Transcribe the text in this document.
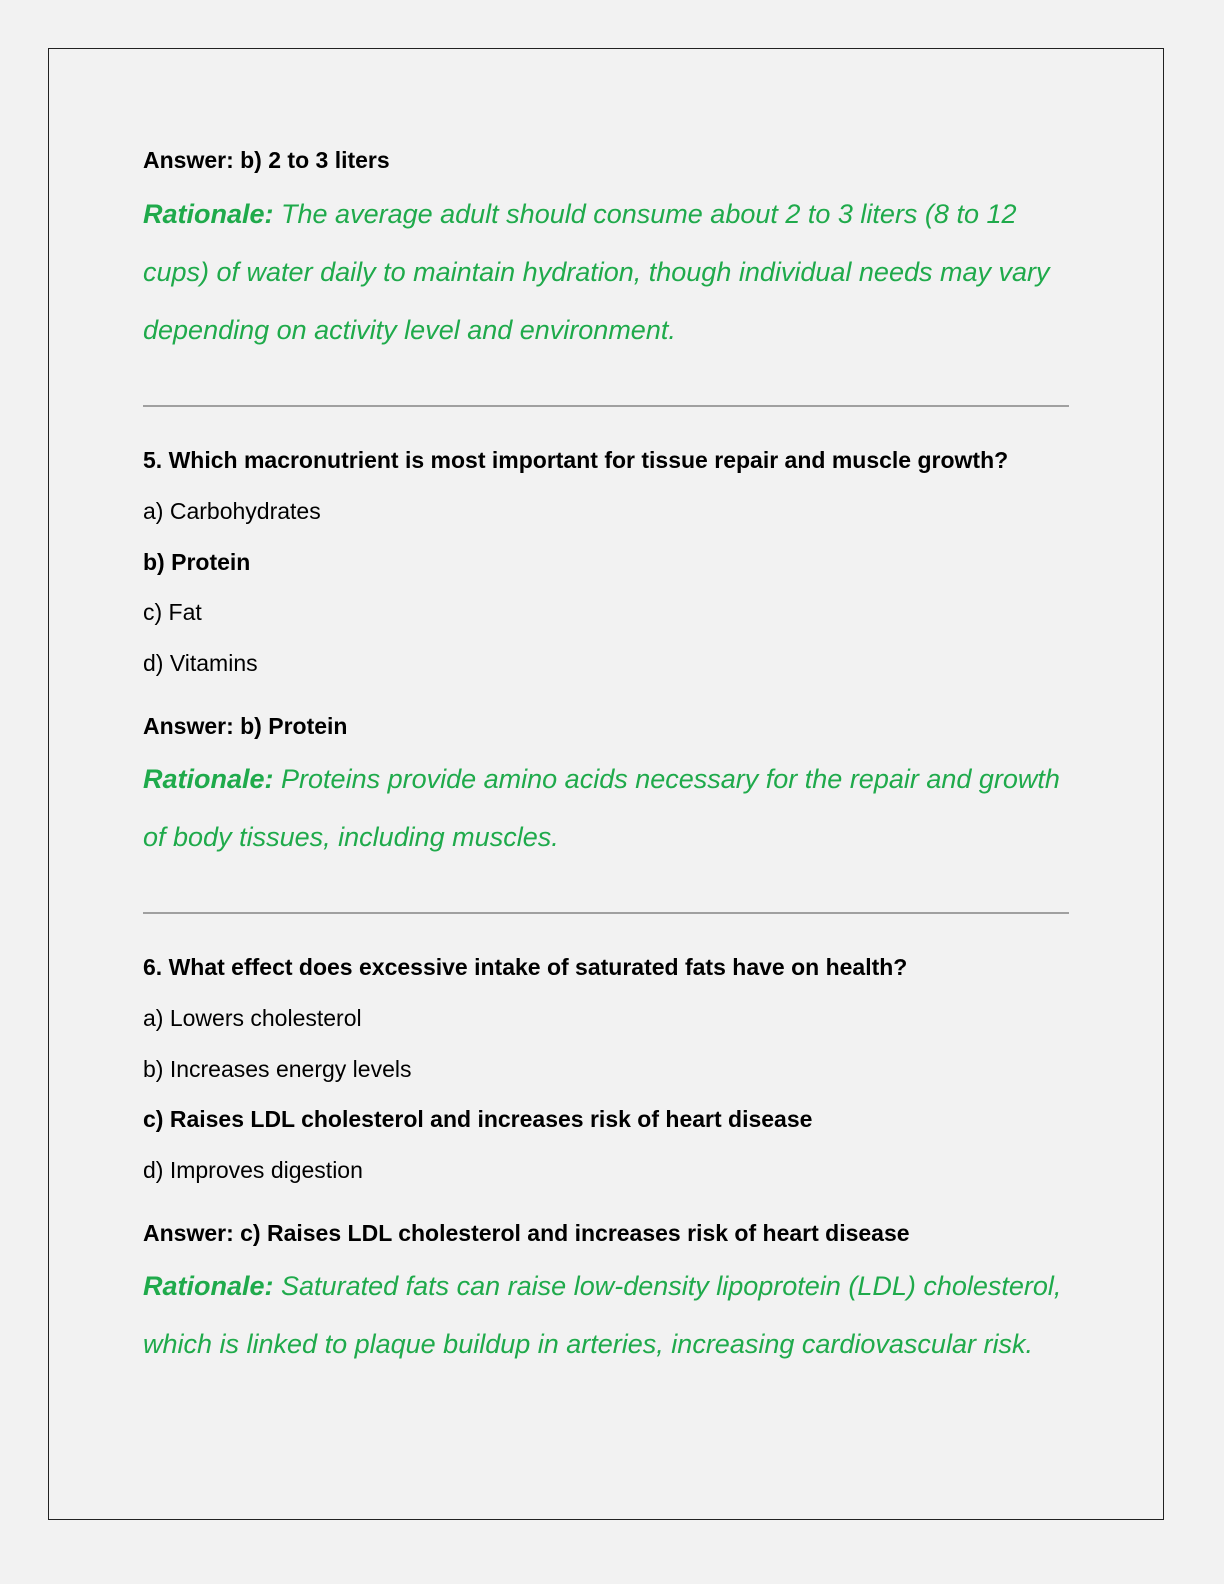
Answer: b) 2 to 3 liters
Rationale: The average adult should consume about 2 to 3 liters (8 to 12 cups) of water daily to maintain hydration, though individual needs may vary depending on activity level and environment.
5. Which macronutrient is most important for tissue repair and muscle growth?
a) Carbohydrates
b) Protein
c) Fat
d) Vitamins
Answer: b) Protein
Rationale: Proteins provide amino acids necessary for the repair and growth of body tissues, including muscles.
6. What effect does excessive intake of saturated fats have on health?
a) Lowers cholesterol
b) Increases energy levels
c) Raises LDL cholesterol and increases risk of heart disease
d) Improves digestion
Answer: c) Raises LDL cholesterol and increases risk of heart disease
Rationale: Saturated fats can raise low-density lipoprotein (LDL) cholesterol, which is linked to plaque buildup in arteries, increasing cardiovascular risk.
